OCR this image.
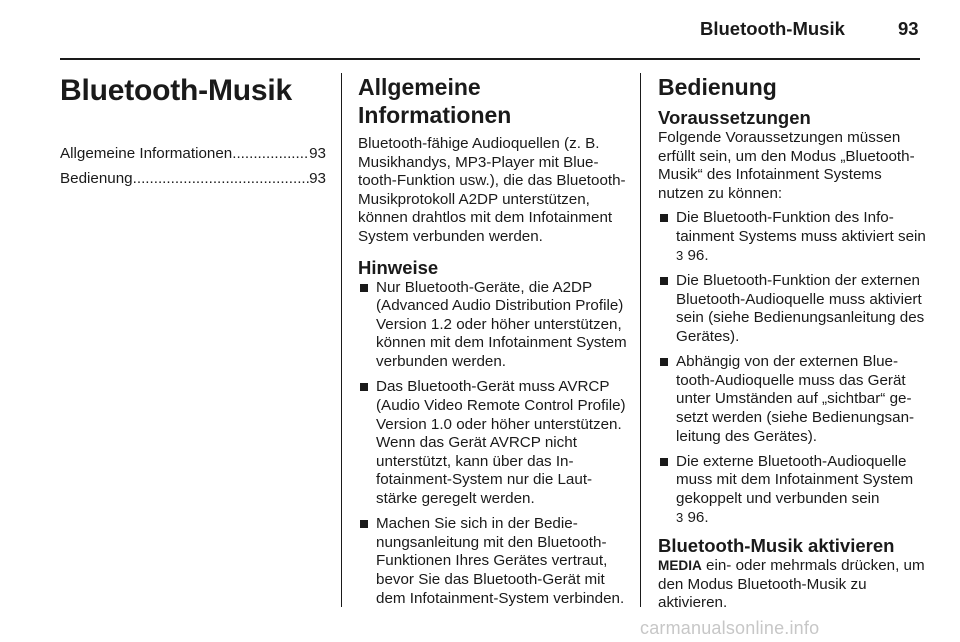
Bluetooth-Musik	93
Bluetooth-Musik
Allgemeine Informationen .....	93
Bedienung .....	93
Allgemeine Informationen

Bluetooth-fähige Audioquellen (z. B. Musikhandys, MP3-Player mit Bluetooth-Funktion usw.), die das Bluetooth-Musikprotokoll A2DP unterstützen, können drahtlos mit dem Infotainment System verbunden werden.

Hinweise
Nur Bluetooth-Geräte, die A2DP (Advanced Audio Distribution Profile) Version 1.2 oder höher unterstützen, können mit dem Infotainment System verbunden werden.
Das Bluetooth-Gerät muss AVRCP (Audio Video Remote Control Profile) Version 1.0 oder höher unterstützen. Wenn das Gerät AVRCP nicht unterstützt, kann über das Infotainment-System nur die Lautstärke geregelt werden.
Machen Sie sich in der Bedienungsanleitung mit den Bluetooth-Funktionen Ihres Gerätes vertraut, bevor Sie das Bluetooth-Gerät mit dem Infotainment-System verbinden.
Bedienung
Voraussetzungen

Folgende Voraussetzungen müssen erfüllt sein, um den Modus „Bluetooth-Musik“ des Infotainment Systems nutzen zu können:

Die Bluetooth-Funktion des Infotainment Systems muss aktiviert sein 3 96.
Die Bluetooth-Funktion der externen Bluetooth-Audioquelle muss aktiviert sein (siehe Bedienungsanleitung des Gerätes).
Abhängig von der externen Bluetooth-Audioquelle muss das Gerät unter Umständen auf „sichtbar“ gesetzt werden (siehe Bedienungsanleitung des Gerätes).
Die externe Bluetooth-Audioquelle muss mit dem Infotainment System gekoppelt und verbunden sein
3 96.
Bluetooth-Musik aktivieren

MEDIA ein- oder mehrmals drücken, um den Modus Bluetooth-Musik zu aktivieren.

carmanualsonline.info
